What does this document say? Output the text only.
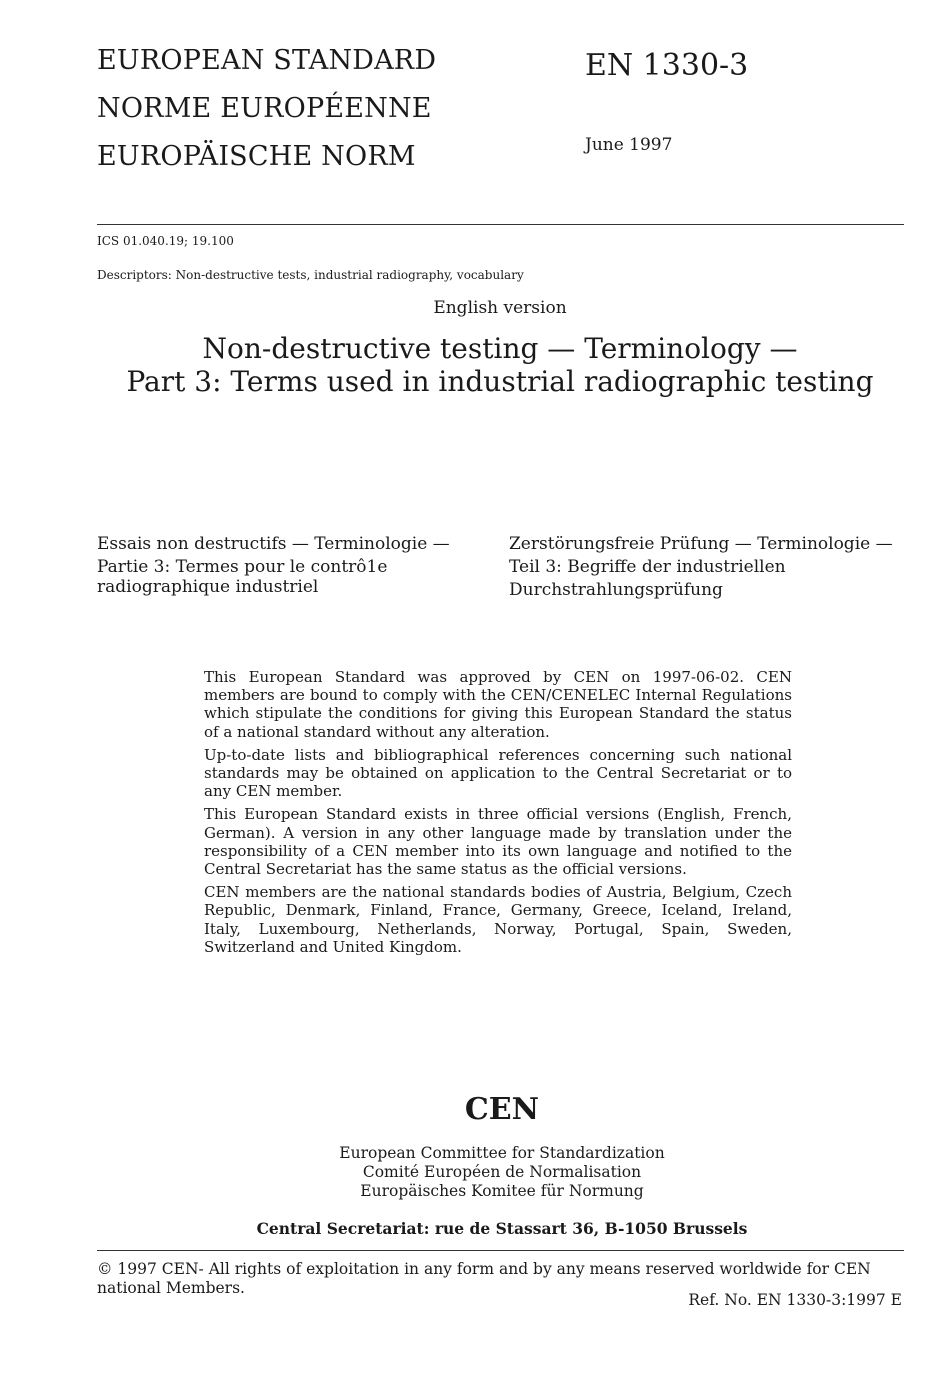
EUROPEAN STANDARD
NORME EUROPÉENNE
EUROPÄISCHE NORM
EN 1330-3
June 1997
ICS 01.040.19; 19.100
Descriptors: Non-destructive tests, industrial radiography, vocabulary
English version
Non-destructive testing — Terminology —
Part 3: Terms used in industrial radiographic testing
Essais non destructifs — Terminologie —
Partie 3: Termes pour le contrô1e
radiographique industriel
Zerstörungsfreie Prüfung — Terminologie —
Teil 3: Begriffe der industriellen
Durchstrahlungsprüfung
This European Standard was approved by CEN on 1997-06-02. CEN members are bound to comply with the CEN/CENELEC Internal Regulations which stipulate the conditions for giving this European Standard the status of a national standard without any alteration.
Up-to-date lists and bibliographical references concerning such national standards may be obtained on application to the Central Secretariat or to any CEN member.
This European Standard exists in three official versions (English, French, German). A version in any other language made by translation under the responsibility of a CEN member into its own language and notified to the Central Secretariat has the same status as the official versions.
CEN members are the national standards bodies of Austria, Belgium, Czech Republic, Denmark, Finland, France, Germany, Greece, Iceland, Ireland, Italy, Luxembourg, Netherlands, Norway, Portugal, Spain, Sweden, Switzerland and United Kingdom.
CEN
European Committee for Standardization
Comité Européen de Normalisation
Europäisches Komitee für Normung
Central Secretariat: rue de Stassart 36, B-1050 Brussels
© 1997 CEN- All rights of exploitation in any form and by any means reserved worldwide for CEN national Members.
Ref. No. EN 1330-3:1997 E
